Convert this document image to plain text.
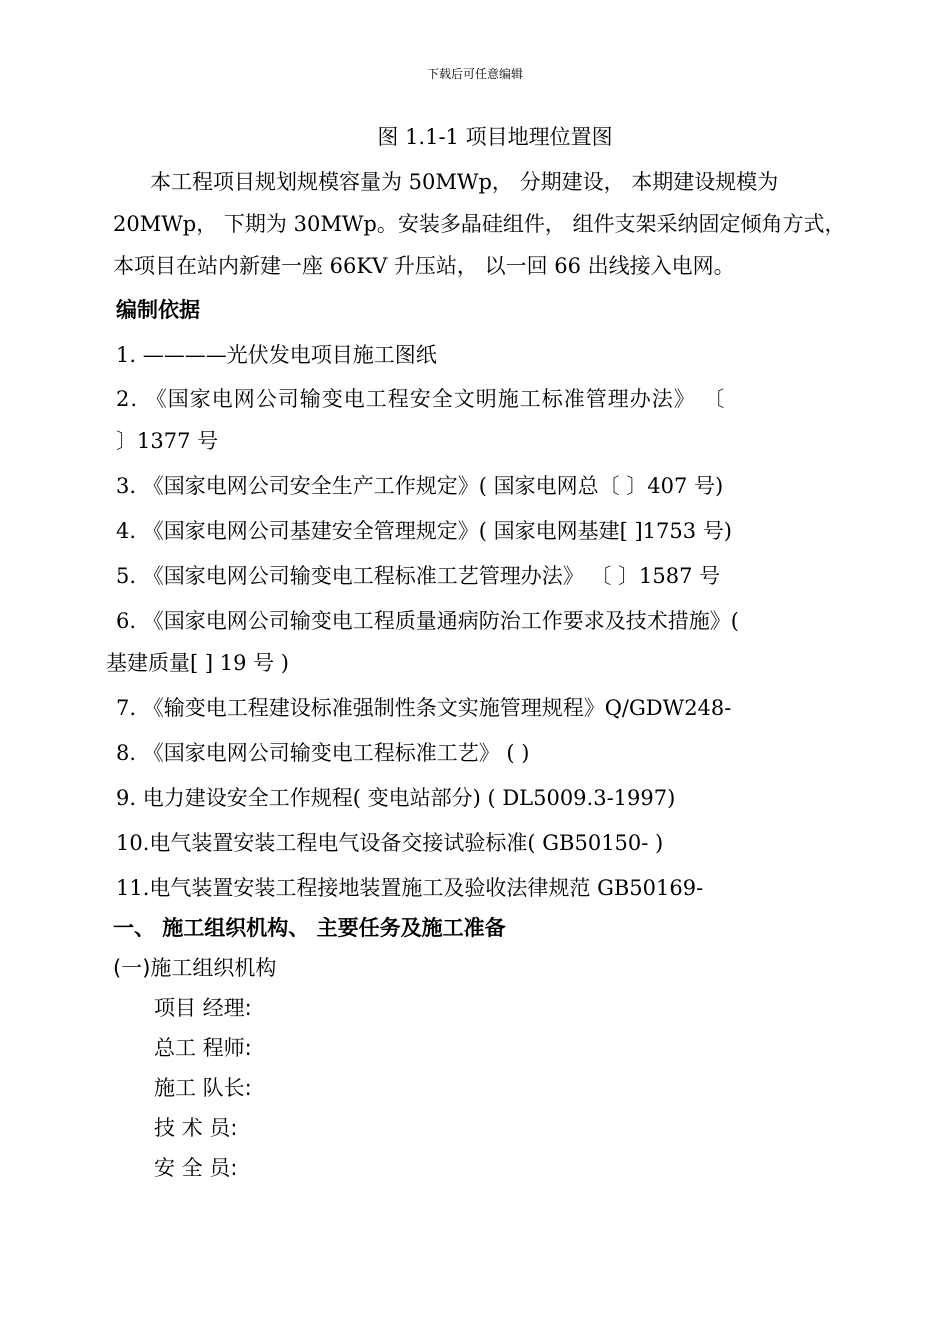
下载后可任意编辑
图 1.1-1 项目地理位置图
本工程项目规划规模容量为 50MWp， 分期建设， 本期建设规模为
20MWp， 下期为 30MWp。安装多晶硅组件， 组件支架采纳固定倾角方式，
本项目在站内新建一座 66KV 升压站， 以一回 66 出线接入电网。
编制依据
1. ————光伏发电项目施工图纸
2. 《国家电网公司输变电工程安全文明施工标准管理办法》 〔
〕1377 号
3. 《国家电网公司安全生产工作规定》( 国家电网总〔 〕407 号)
4. 《国家电网公司基建安全管理规定》( 国家电网基建[ ]1753 号)
5. 《国家电网公司输变电工程标准工艺管理办法》 〔 〕1587 号
6. 《国家电网公司输变电工程质量通病防治工作要求及技术措施》(
基建质量[ ] 19 号 )
7. 《输变电工程建设标准强制性条文实施管理规程》Q/GDW248-
8. 《国家电网公司输变电工程标准工艺》 ( )
9. 电力建设安全工作规程( 变电站部分) ( DL5009.3-1997)
10.电气装置安装工程电气设备交接试验标准( GB50150- )
11.电气装置安装工程接地装置施工及验收法律规范 GB50169-
一、 施工组织机构、 主要任务及施工准备
(一)施工组织机构
项目 经理:
总工 程师:
施工 队长:
技 术 员:
安 全 员:
